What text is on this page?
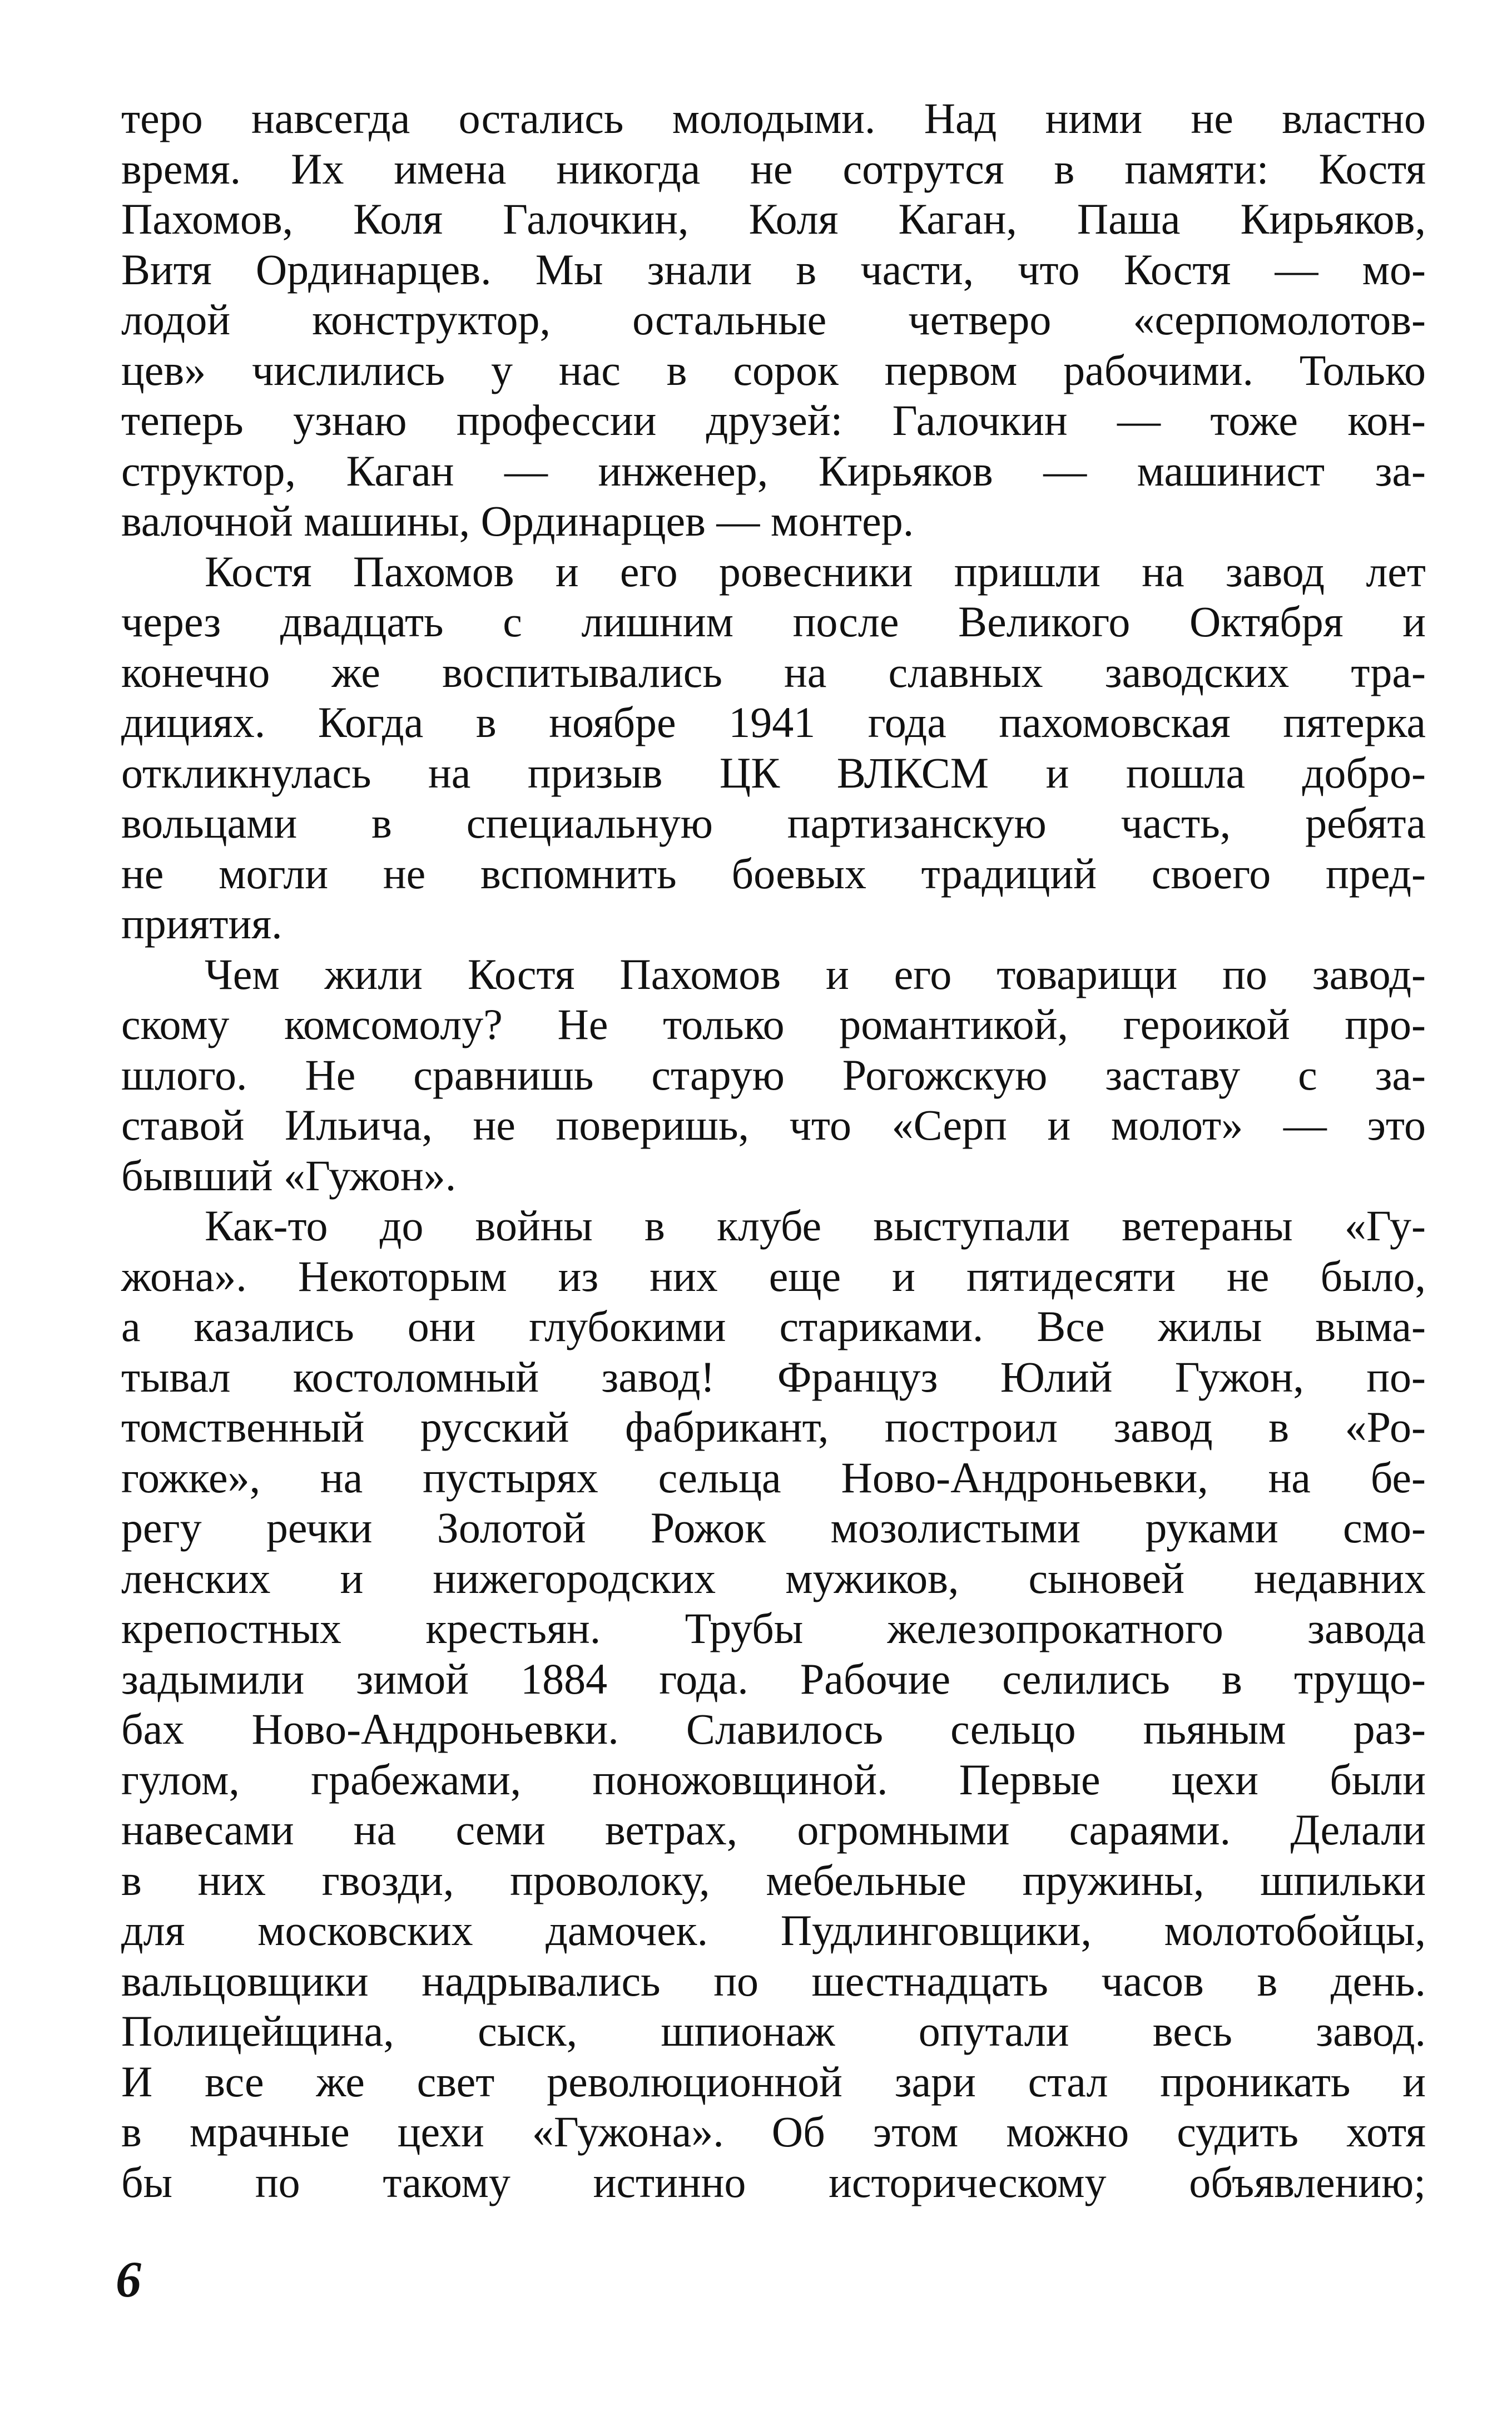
теро навсегда остались молодыми. Над ними не властно
время. Их имена никогда не сотрутся в памяти: Костя
Пахомов, Коля Галочкин, Коля Каган, Паша Кирьяков,
Витя Ординарцев. Мы знали в части, что Костя — мо-
лодой конструктор, остальные четверо «серпомолотов-
цев» числились у нас в сорок первом рабочими. Только
теперь узнаю профессии друзей: Галочкин — тоже кон-
структор, Каган — инженер, Кирьяков — машинист за-
валочной машины, Ординарцев — монтер.
Костя Пахомов и его ровесники пришли на завод лет
через двадцать с лишним после Великого Октября и
конечно же воспитывались на славных заводских тра-
дициях. Когда в ноябре 1941 года пахомовская пятерка
откликнулась на призыв ЦК ВЛКСМ и пошла добро-
вольцами в специальную партизанскую часть, ребята
не могли не вспомнить боевых традиций своего пред-
приятия.
Чем жили Костя Пахомов и его товарищи по завод-
скому комсомолу? Не только романтикой, героикой про-
шлого. Не сравнишь старую Рогожскую заставу с за-
ставой Ильича, не поверишь, что «Серп и молот» — это
бывший «Гужон».
Как-то до войны в клубе выступали ветераны «Гу-
жона». Некоторым из них еще и пятидесяти не было,
а казались они глубокими стариками. Все жилы выма-
тывал костоломный завод! Француз Юлий Гужон, по-
томственный русский фабрикант, построил завод в «Ро-
гожке», на пустырях сельца Ново-Андроньевки, на бе-
регу речки Золотой Рожок мозолистыми руками смо-
ленских и нижегородских мужиков, сыновей недавних
крепостных крестьян. Трубы железопрокатного завода
задымили зимой 1884 года. Рабочие селились в трущо-
бах Ново-Андроньевки. Славилось сельцо пьяным раз-
гулом, грабежами, поножовщиной. Первые цехи были
навесами на семи ветрах, огромными сараями. Делали
в них гвозди, проволоку, мебельные пружины, шпильки
для московских дамочек. Пудлинговщики, молотобойцы,
вальцовщики надрывались по шестнадцать часов в день.
Полицейщина, сыск, шпионаж опутали весь завод.
И все же свет революционной зари стал проникать и
в мрачные цехи «Гужона». Об этом можно судить хотя
бы по такому истинно историческому объявлению;
6
